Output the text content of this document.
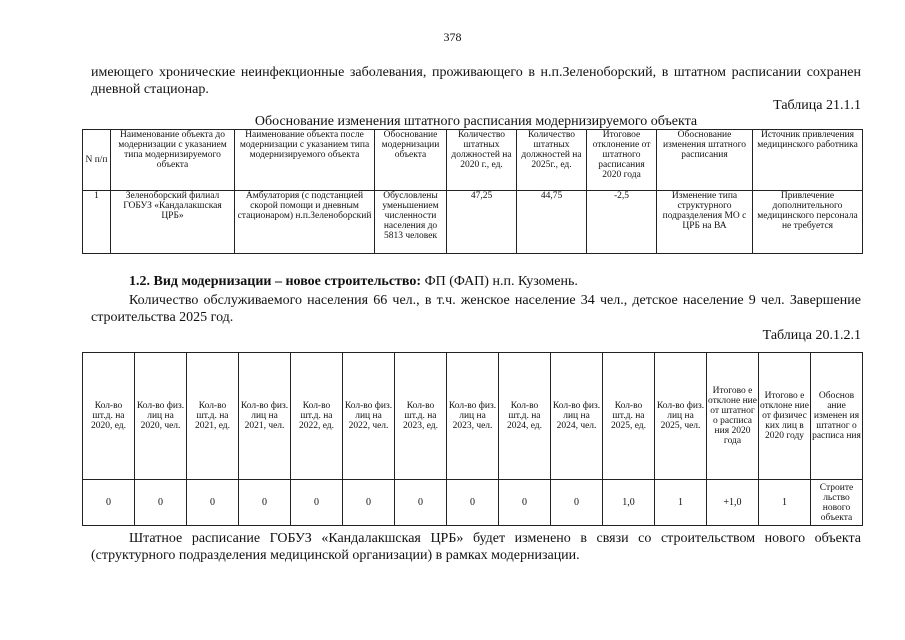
378
имеющего хронические неинфекционные заболевания, проживающего в н.п.Зеленоборский, в штатном расписании сохранен дневной стационар.
Таблица 21.1.1
Обоснование изменения штатного расписания модернизируемого объекта
N п/п	Наименование объекта до модернизации с указанием типа модернизируемого объекта	Наименование объекта после модернизации с указанием типа модернизируемого объекта	Обоснование модернизации объекта	Количество штатных должностей на 2020 г., ед.	Количество штатных должностей на 2025г., ед.	Итоговое отклонение от штатного расписания 2020 года	Обоснование изменения штатного расписания	Источник привлечения медицинского работника
1	Зеленоборский филиал ГОБУЗ «Кандалакшская ЦРБ»	Амбулатория (с подстанцией скорой помощи и дневным стационаром) н.п.Зеленоборский	Обусловлены уменьшением численности населения до 5813 человек	47,25	44,75	-2,5	Изменение типа структурного подразделения МО с ЦРБ на ВА	Привлечение дополнительного медицинского персонала не требуется
1.2. Вид модернизации – новое строительство: ФП (ФАП) н.п. Кузомень.
Количество обслуживаемого населения 66 чел., в т.ч. женское население 34 чел., детское население 9 чел. Завершение строительства 2025 год.
Таблица 20.1.2.1
Кол-во шт.д. на 2020, ед.	Кол-во физ. лиц на 2020, чел.	Кол-во шт.д. на 2021, ед.	Кол-во физ. лиц на 2021, чел.	Кол-во шт.д. на 2022, ед.	Кол-во физ. лиц на 2022, чел.	Кол-во шт.д. на 2023, ед.	Кол-во физ. лиц на 2023, чел.	Кол-во шт.д. на 2024, ед.	Кол-во физ. лиц на 2024, чел.	Кол-во шт.д. на 2025, ед.	Кол-во физ. лиц на 2025, чел.	Итогово е отклоне ние от штатног о расписа ния 2020 года	Итогово е отклоне ние от физичес ких лиц в 2020 году	Обоснов ание изменен ия штатног о расписа ния
0	0	0	0	0	0	0	0	0	0	1,0	1	+1,0	1	Строите льство нового объекта
Штатное расписание ГОБУЗ «Кандалакшская ЦРБ» будет изменено в связи со строительством нового объекта (структурного подразделения медицинской организации) в рамках модернизации.
